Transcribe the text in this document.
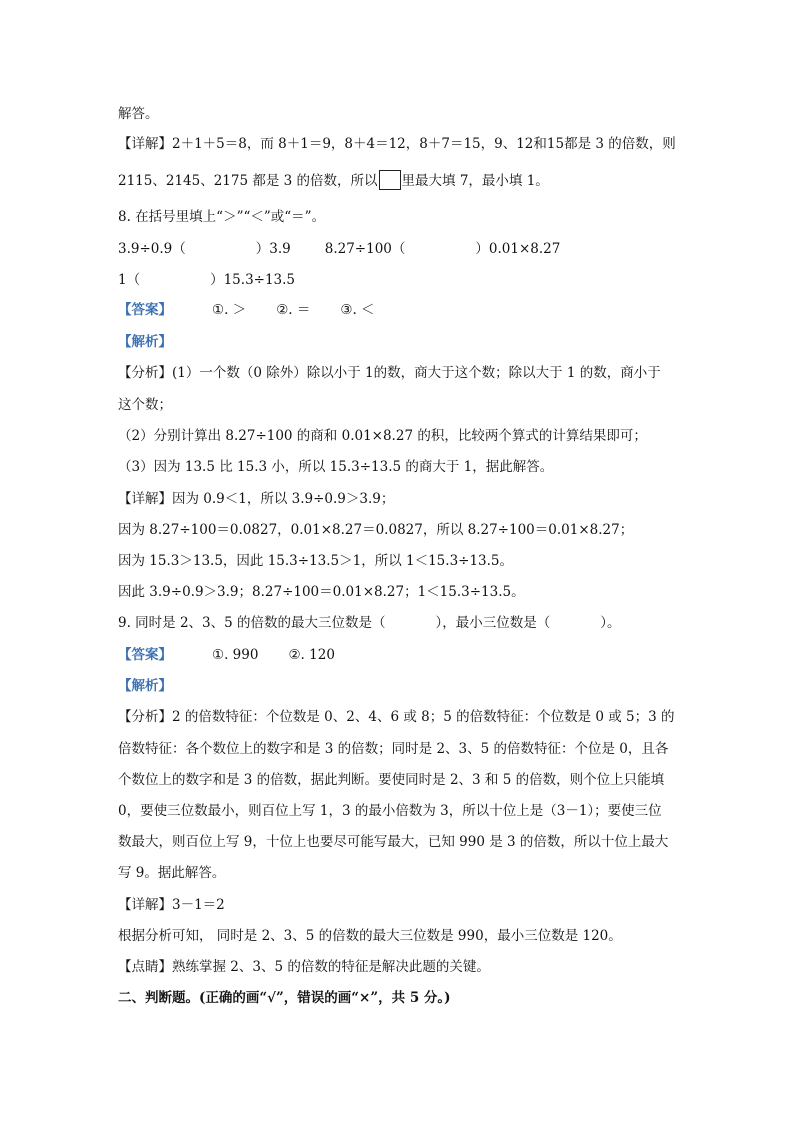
解答。
【详解】2＋1＋5＝8，而 8＋1＝9，8＋4＝12，8＋7＝15，9、12和15都是 3 的倍数，则
2115、2145、2175 都是 3 的倍数，所以 里最大填 7，最小填 1。
8. 在括号里填上“＞”“＜”或“＝”。
3.9÷0.9（	）3.9	8.27÷100（	）0.01×8.27
1（	）15.3÷13.5
【答案】	①. ＞ ②. ＝ ③. ＜
【解析】
【分析】(1）一个数（0 除外）除以小于 1的数，商大于这个数；除以大于 1 的数，商小于
这个数；
（2）分别计算出 8.27÷100 的商和 0.01×8.27 的积，比较两个算式的计算结果即可；
（3）因为 13.5 比 15.3 小，所以 15.3÷13.5 的商大于 1，据此解答。
【详解】因为 0.9＜1，所以 3.9÷0.9＞3.9；
因为 8.27÷100＝0.0827，0.01×8.27＝0.0827，所以 8.27÷100＝0.01×8.27；
因为 15.3＞13.5，因此 15.3÷13.5＞1，所以 1＜15.3÷13.5。
因此 3.9÷0.9＞3.9；8.27÷100＝0.01×8.27；1＜15.3÷13.5。
9. 同时是 2、3、5 的倍数的最大三位数是（	），最小三位数是（	）。
【答案】	①. 990 ②. 120
【解析】
【分析】2 的倍数特征：个位数是 0、2、4、6 或 8；5 的倍数特征：个位数是 0 或 5；3 的
倍数特征：各个数位上的数字和是 3 的倍数；同时是 2、3、5 的倍数特征：个位是 0，且各
个数位上的数字和是 3 的倍数，据此判断。要使同时是 2、3 和 5 的倍数，则个位上只能填
0，要使三位数最小，则百位上写 1，3 的最小倍数为 3，所以十位上是（3－1）；要使三位
数最大，则百位上写 9，十位上也要尽可能写最大，已知 990 是 3 的倍数，所以十位上最大
写 9。据此解答。
【详解】3－1＝2
根据分析可知， 同时是 2、3、5 的倍数的最大三位数是 990，最小三位数是 120。
【点睛】熟练掌握 2、3、5 的倍数的特征是解决此题的关键。
二、判断题。(正确的画“√”，错误的画“×”，共 5 分。)
